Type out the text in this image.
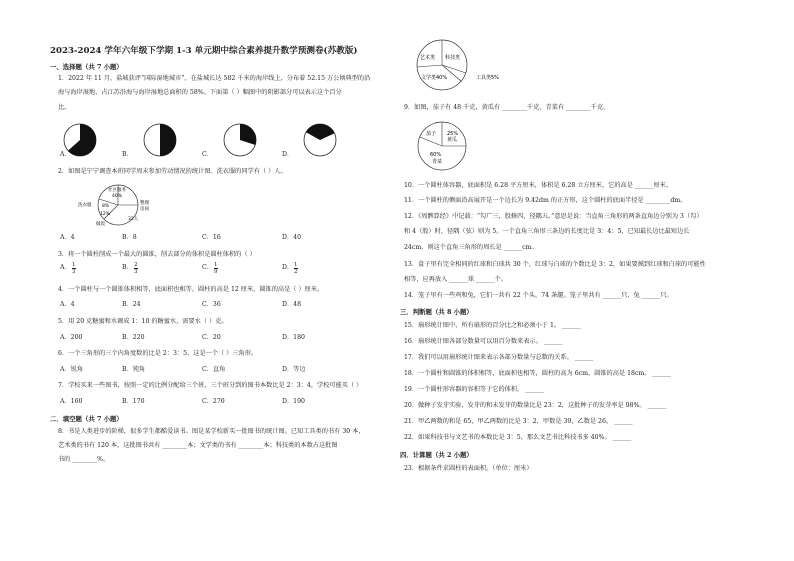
2023-2024 学年六年级下学期 1-3 单元期中综合素养提升数学预测卷(苏教版)
一、选择题（共 7 小题）
1．2022 年 11 月，盐城获评“国际湿地城市”。在盐城长达 582 千米的海岸线上，分布着 52.15 万公顷典型的沿
海与海岸湿地，占江苏沿海与海岸湿地总面积的 58%。下面第（ ）幅图中的阴影部分可以表示这个百分
比。
A．	B．	C．	D．
2．如图是宁宁调查本班同学周末参加劳动情况的统计图。洗衣服的同学有（ ）人。
社区服务
40%
洗衣服 8%
整理
房间
12%
做饭
32人
A．4	B．8	C．16	D．40
3．将一个圆柱削成一个最大的圆锥，削去部分的体积是圆柱体积的（ ）
A． $\frac{1}{3}$	B． $\frac{2}{3}$	C． $\frac{1}{9}$	D． $\frac{1}{2}$
4．一个圆柱与一个圆锥体积相等，底面积也相等，圆柱的高是 12 厘米，圆锥的高是（ ）厘米。
A．4	B．24	C．36	D．48
5．用 20 克糖蜜和水调成 1：10 的糖蜜水，需要水（ ）克。
A．200	B．220	C．20	D．180
6．一个三角形的三个内角度数的比是 2：3：5，这是一个（ ）三角形。
A．锐角	B．钝角	C．直角	D．等边
7．学校买来一些图书，按照一定的比例分配给三个班，三个班分到的图书本数比是 2：3：4，学校可能买（ ）
A．160	B．170	C．270	D．190
二．填空题（共 7 小题）
8．书是人类进步的阶梯，很多学生都酷爱读书。图是某学校新买一批图书的统计图。已知工具类的书有 30 本，
艺术类的书有 120 本，这批图书共有 ________本；文学类的书有 ________本；科技类的本数占这批图
书的 ________%。
艺术类 科技类
文学类40%	工具类5%
9．如图，茄子有 48 千克，黄瓜有 ________千克，青菜有 ________千克。
茄子 25%
黄瓜
60%
青菜
10．一个圆柱体容器，底面积是 6.28 平方厘米，体积是 6.28 立方厘米，它的高是 ______厘米。
11．一个圆柱的侧面沿高展开是一个边长为 9.42dm 的正方形，这个圆柱的底面半径是 ________dm。
12．《周髀算经》中记载：“勾广三，股修四，径隅五。”意思是说：当直角三角形的两条直角边分别为 3（勾）
和 4（股）时，径隅（弦）则为 5。一个直角三角形三条边的长度比是 3：4：5，已知最长边比最短边长
24cm，则这个直角三角形的周长是 ______cm。
13．盒子里有完全相同的红球和白球共 30 个，红球与白球的个数比是 3：2，如果要摸到红球和白球的可能性
相等，应再放入 ______球 ______个。
14．笼子里有一些鸡和兔，它们一共有 22 个头，74 条腿。笼子里共有 ______只，兔 ______只。
三．判断题（共 8 小题）
15．扇形统计图中，所有扇形的百分比之和必须小于 1。 ______
16．扇形统计图各部分数量可以用百分数来表示。 ______
17．我们可以用扇形统计图来表示各部分数量与总数的关系。 ______
18．一个圆柱和圆锥的体积相等，底面积也相等，圆柱的高为 6cm，圆锥的高是 18cm。 ______
19．一个圆柱形容器的容积等于它的体积。 ______
20．做种子发芽实验，发芽的和未发芽的数量比是 23：2，这批种子的发芽率是 98%。 ______
21．甲乙两数的和是 65，甲乙两数的比是 3：2，甲数是 39，乙数是 26。 ______
22．如果科技书与文艺书的本数比是 3：5，那么文艺书比科技书多 40%。 ______
四．计算题（共 2 小题）
23．根据条件求圆柱的表面积。（单位：厘米）
